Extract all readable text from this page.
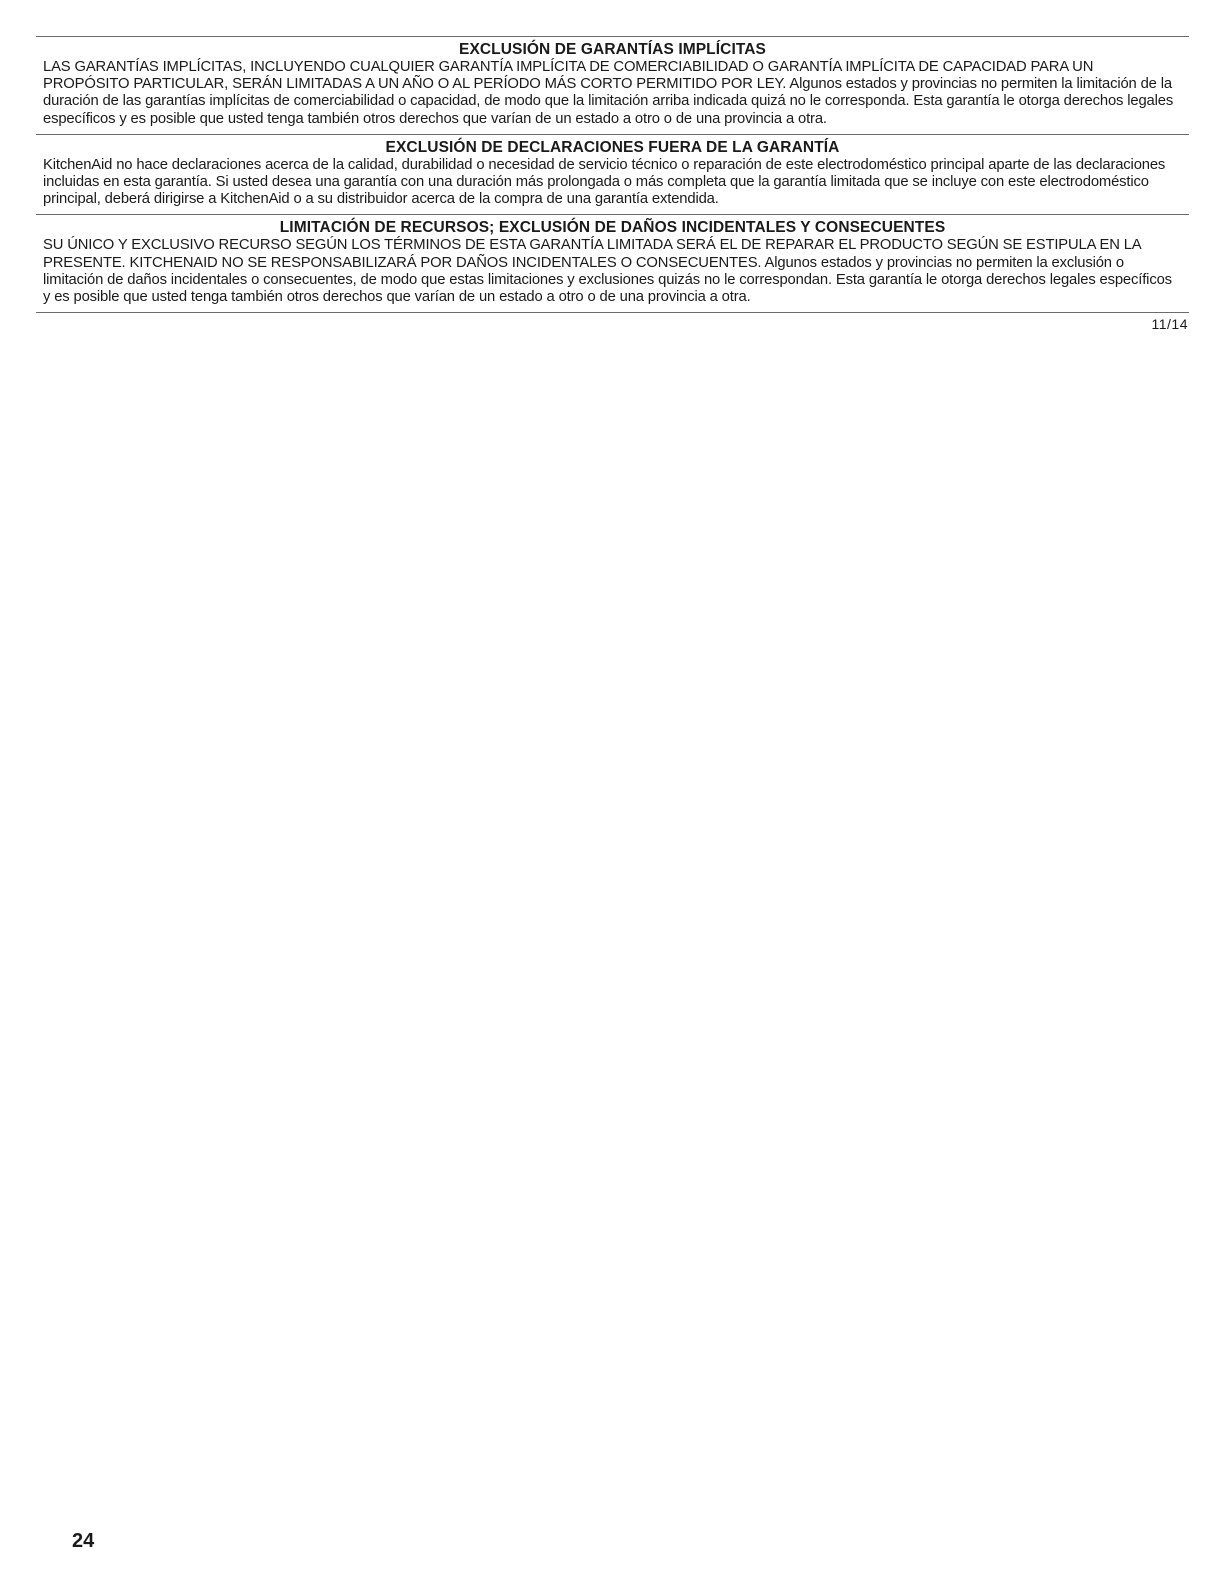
EXCLUSIÓN DE GARANTÍAS IMPLÍCITAS

LAS GARANTÍAS IMPLÍCITAS, INCLUYENDO CUALQUIER GARANTÍA IMPLÍCITA DE COMERCIABILIDAD O GARANTÍA IMPLÍCITA DE CAPACIDAD PARA UN PROPÓSITO PARTICULAR, SERÁN LIMITADAS A UN AÑO O AL PERÍODO MÁS CORTO PERMITIDO POR LEY. Algunos estados y provincias no permiten la limitación de la duración de las garantías implícitas de comerciabilidad o capacidad, de modo que la limitación arriba indicada quizá no le corresponda. Esta garantía le otorga derechos legales específicos y es posible que usted tenga también otros derechos que varían de un estado a otro o de una provincia a otra.

EXCLUSIÓN DE DECLARACIONES FUERA DE LA GARANTÍA

KitchenAid no hace declaraciones acerca de la calidad, durabilidad o necesidad de servicio técnico o reparación de este electrodoméstico principal aparte de las declaraciones incluidas en esta garantía. Si usted desea una garantía con una duración más prolongada o más completa que la garantía limitada que se incluye con este electrodoméstico principal, deberá dirigirse a KitchenAid o a su distribuidor acerca de la compra de una garantía extendida.

LIMITACIÓN DE RECURSOS; EXCLUSIÓN DE DAÑOS INCIDENTALES Y CONSECUENTES

SU ÚNICO Y EXCLUSIVO RECURSO SEGÚN LOS TÉRMINOS DE ESTA GARANTÍA LIMITADA SERÁ EL DE REPARAR EL PRODUCTO SEGÚN SE ESTIPULA EN LA PRESENTE. KITCHENAID NO SE RESPONSABILIZARÁ POR DAÑOS INCIDENTALES O CONSECUENTES. Algunos estados y provincias no permiten la exclusión o limitación de daños incidentales o consecuentes, de modo que estas limitaciones y exclusiones quizás no le correspondan. Esta garantía le otorga derechos legales específicos y es posible que usted tenga también otros derechos que varían de un estado a otro o de una provincia a otra.

11/14
24
